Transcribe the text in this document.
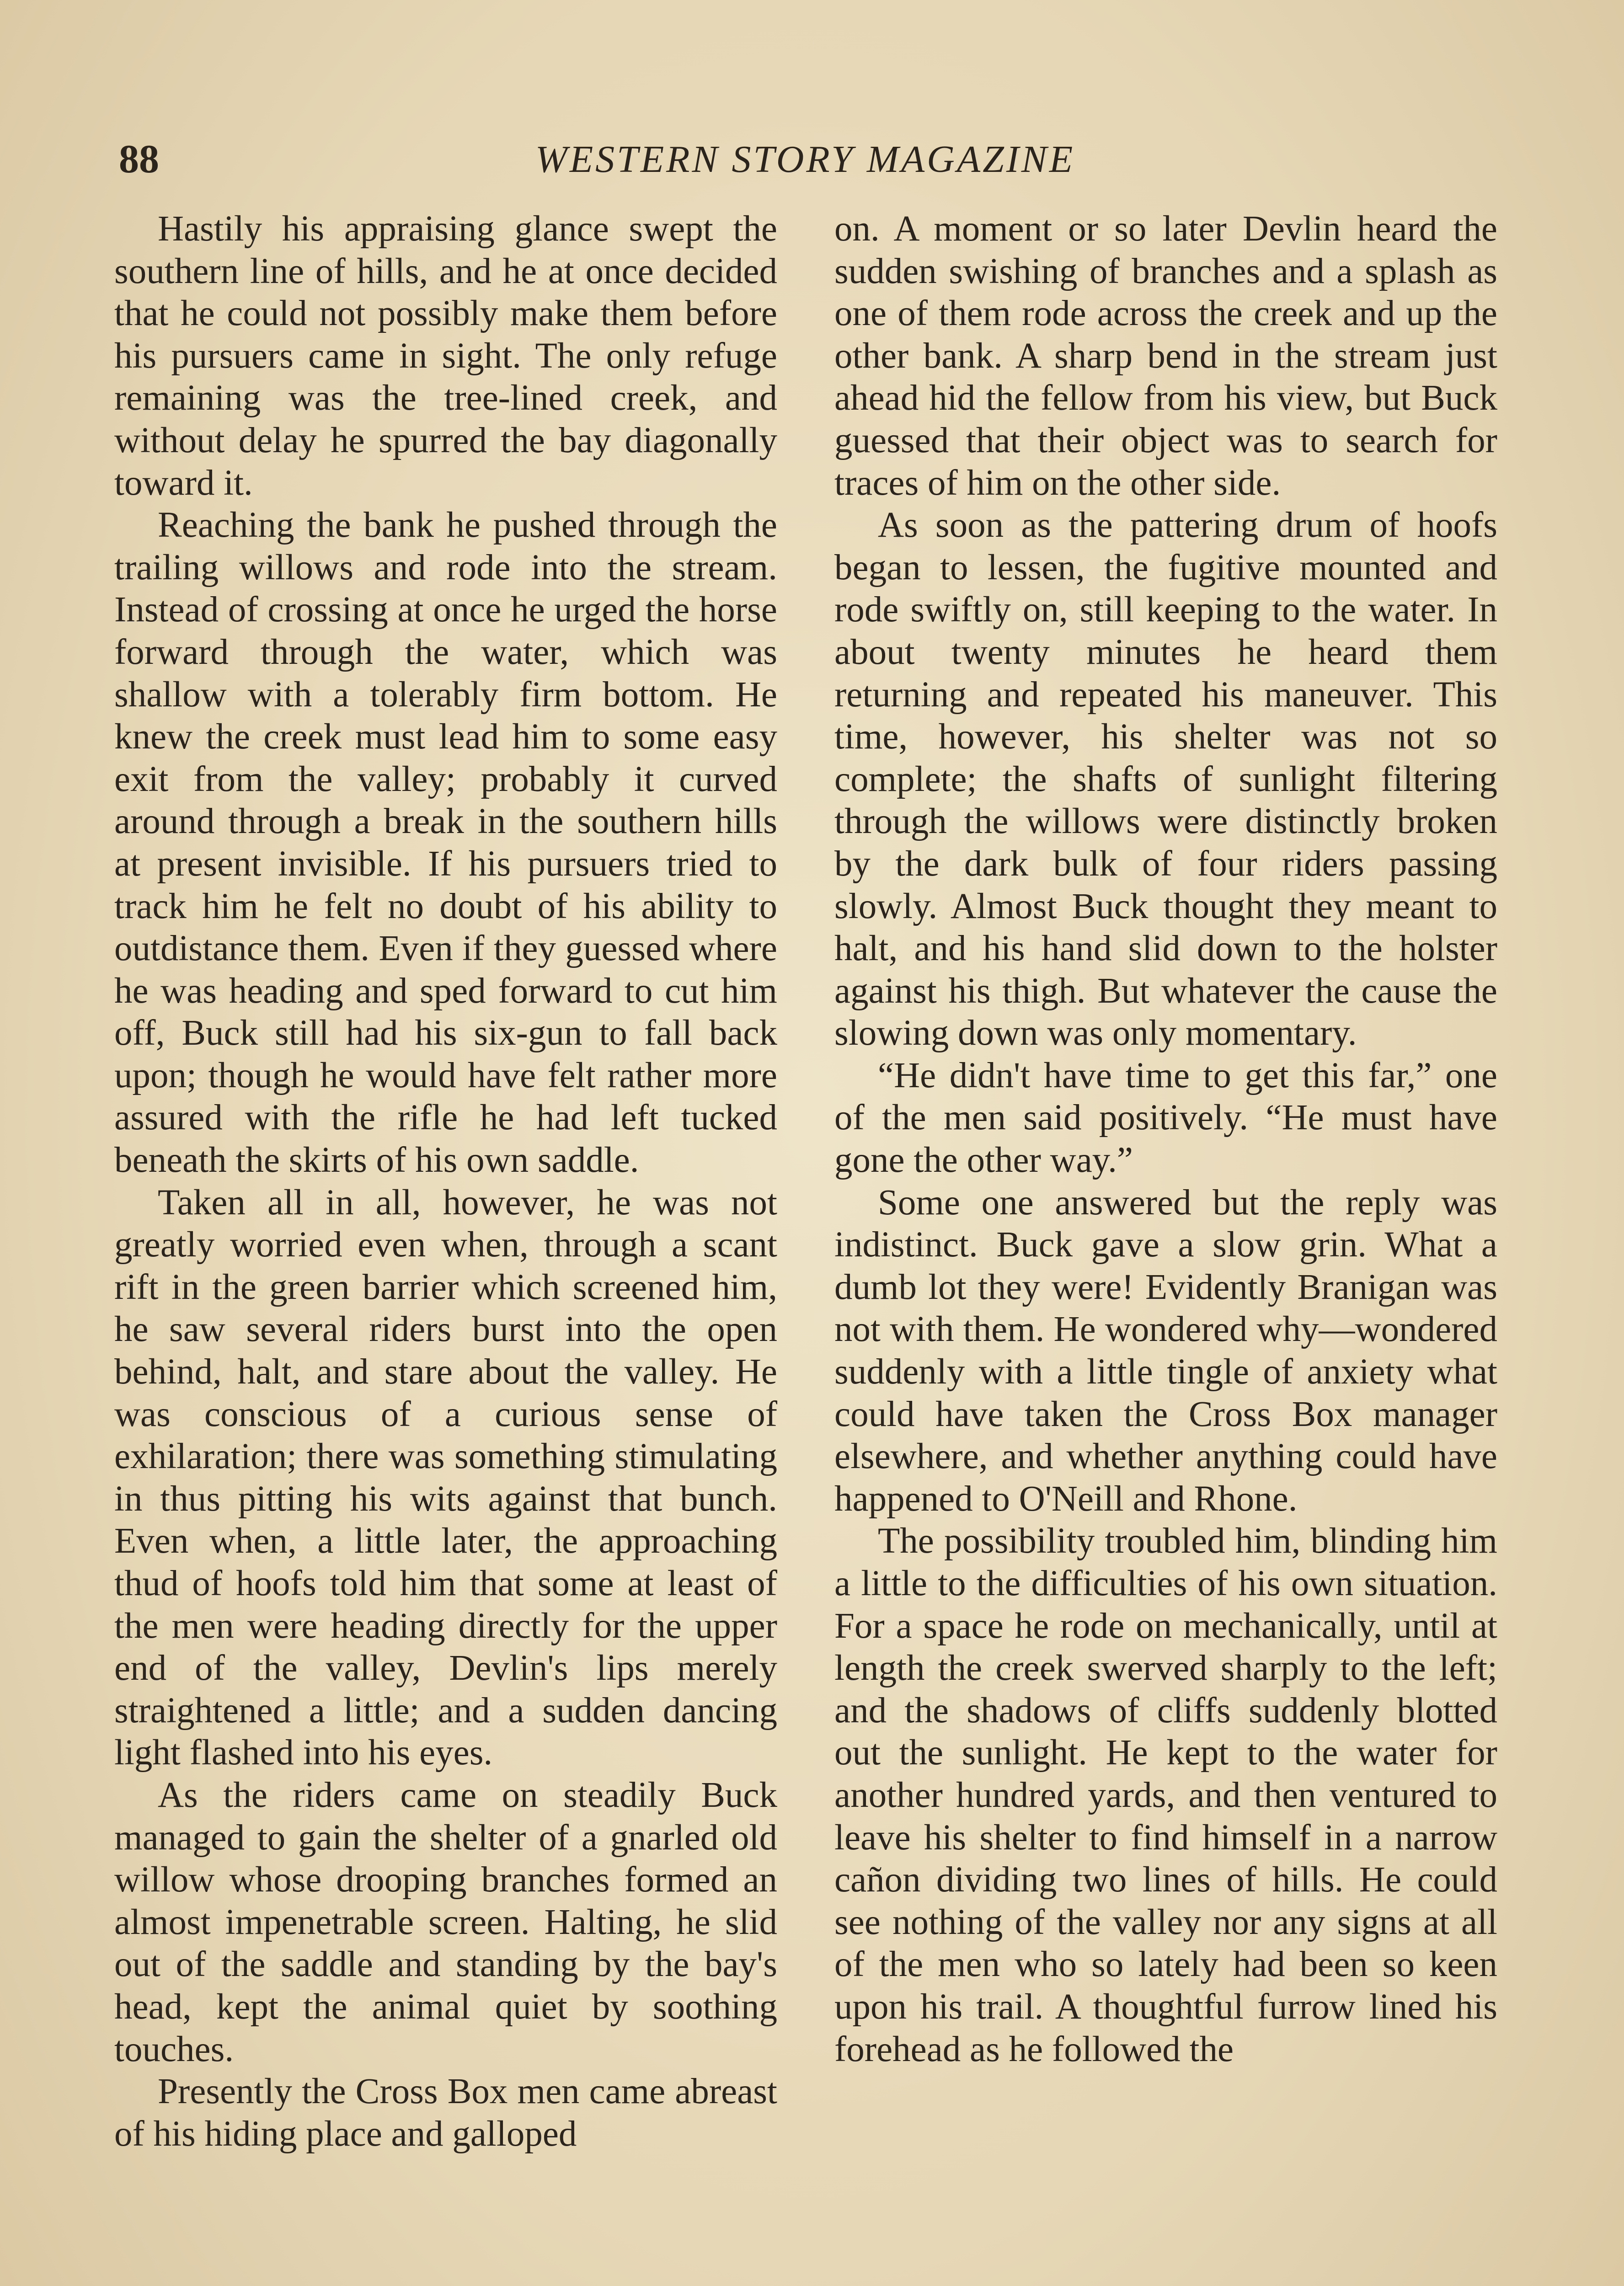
88	WESTERN STORY MAGAZINE

Hastily his appraising glance swept the southern line of hills, and he at once decided that he could not possibly make them before his pursuers came in sight. The only refuge remaining was the tree-lined creek, and without delay he spurred the bay diagonally toward it.

Reaching the bank he pushed through the trailing willows and rode into the stream. Instead of crossing at once he urged the horse forward through the water, which was shallow with a tolerably firm bottom. He knew the creek must lead him to some easy exit from the valley; probably it curved around through a break in the southern hills at present invisible. If his pursuers tried to track him he felt no doubt of his ability to outdistance them. Even if they guessed where he was heading and sped forward to cut him off, Buck still had his six-gun to fall back upon; though he would have felt rather more assured with the rifle he had left tucked beneath the skirts of his own saddle.

Taken all in all, however, he was not greatly worried even when, through a scant rift in the green barrier which screened him, he saw several riders burst into the open behind, halt, and stare about the valley. He was conscious of a curious sense of exhilaration; there was something stimulating in thus pitting his wits against that bunch. Even when, a little later, the approaching thud of hoofs told him that some at least of the men were heading directly for the upper end of the valley, Devlin's lips merely straightened a little; and a sudden dancing light flashed into his eyes.

As the riders came on steadily Buck managed to gain the shelter of a gnarled old willow whose drooping branches formed an almost impenetrable screen. Halting, he slid out of the saddle and standing by the bay's head, kept the animal quiet by soothing touches.

Presently the Cross Box men came abreast of his hiding place and galloped

on. A moment or so later Devlin heard the sudden swishing of branches and a splash as one of them rode across the creek and up the other bank. A sharp bend in the stream just ahead hid the fellow from his view, but Buck guessed that their object was to search for traces of him on the other side.

As soon as the pattering drum of hoofs began to lessen, the fugitive mounted and rode swiftly on, still keeping to the water. In about twenty minutes he heard them returning and repeated his maneuver. This time, however, his shelter was not so complete; the shafts of sunlight filtering through the willows were distinctly broken by the dark bulk of four riders passing slowly. Almost Buck thought they meant to halt, and his hand slid down to the holster against his thigh. But whatever the cause the slowing down was only momentary.

“He didn't have time to get this far,” one of the men said positively. “He must have gone the other way.”

Some one answered but the reply was indistinct. Buck gave a slow grin. What a dumb lot they were! Evidently Branigan was not with them. He wondered why—wondered suddenly with a little tingle of anxiety what could have taken the Cross Box manager elsewhere, and whether anything could have happened to O'Neill and Rhone.

The possibility troubled him, blinding him a little to the difficulties of his own situation. For a space he rode on mechanically, until at length the creek swerved sharply to the left; and the shadows of cliffs suddenly blotted out the sunlight. He kept to the water for another hundred yards, and then ventured to leave his shelter to find himself in a narrow cañon dividing two lines of hills. He could see nothing of the valley nor any signs at all of the men who so lately had been so keen upon his trail. A thoughtful furrow lined his forehead as he followed the
